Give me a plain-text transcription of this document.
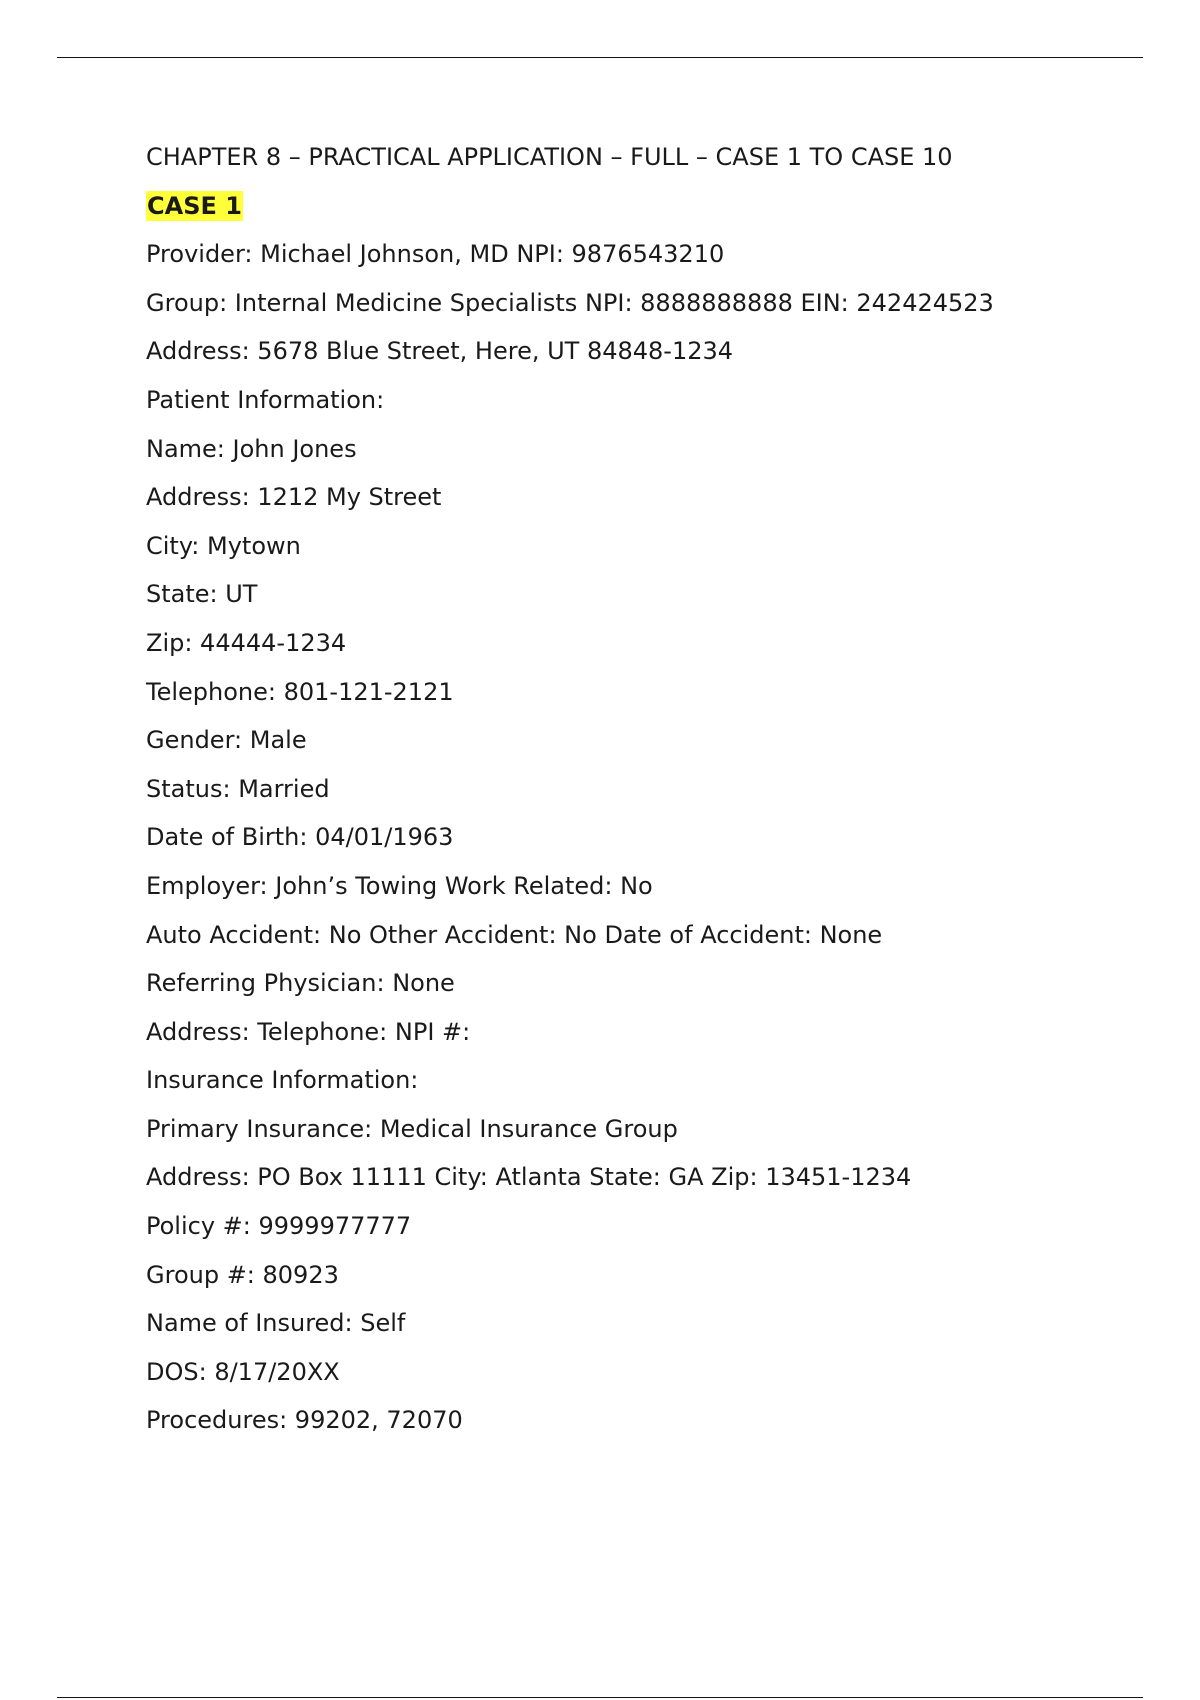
CHAPTER 8 – PRACTICAL APPLICATION – FULL – CASE 1 TO CASE 10
CASE 1
Provider: Michael Johnson, MD NPI: 9876543210
Group: Internal Medicine Specialists NPI: 8888888888 EIN: 242424523
Address: 5678 Blue Street, Here, UT 84848-1234
Patient Information:
Name: John Jones
Address: 1212 My Street
City: Mytown
State: UT
Zip: 44444-1234
Telephone: 801-121-2121
Gender: Male
Status: Married
Date of Birth: 04/01/1963
Employer: John’s Towing Work Related: No
Auto Accident: No Other Accident: No Date of Accident: None
Referring Physician: None
Address: Telephone: NPI #:
Insurance Information:
Primary Insurance: Medical Insurance Group
Address: PO Box 11111 City: Atlanta State: GA Zip: 13451-1234
Policy #: 9999977777
Group #: 80923
Name of Insured: Self
DOS: 8/17/20XX
Procedures: 99202, 72070
